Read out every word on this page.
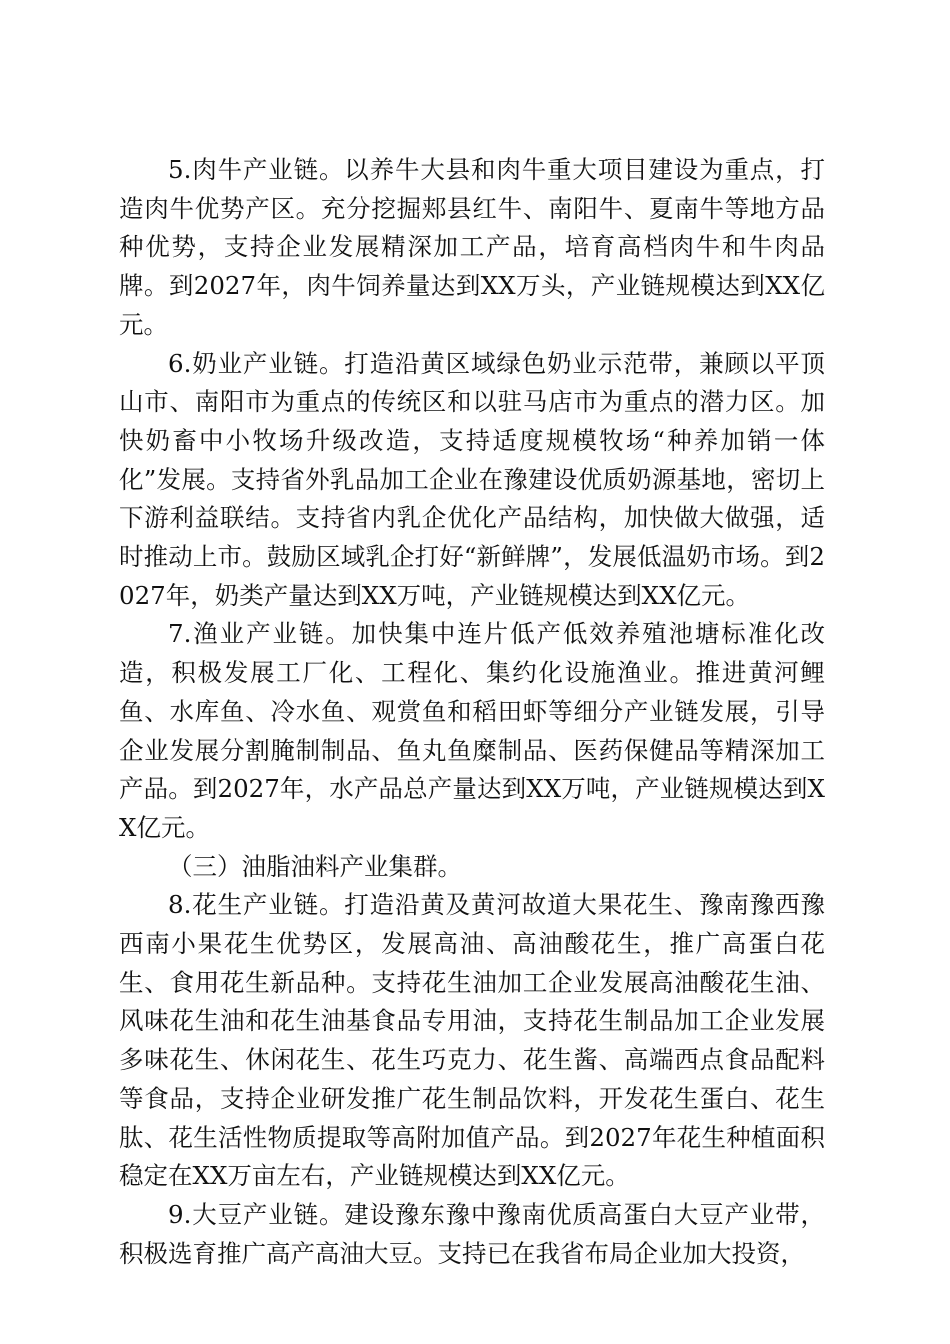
5.肉牛产业链。以养牛大县和肉牛重大项目建设为重点，打造肉牛优势产区。充分挖掘郏县红牛、南阳牛、夏南牛等地方品种优势，支持企业发展精深加工产品，培育高档肉牛和牛肉品牌。到2027年，肉牛饲养量达到XX万头，产业链规模达到XX亿元。

6.奶业产业链。打造沿黄区域绿色奶业示范带，兼顾以平顶山市、南阳市为重点的传统区和以驻马店市为重点的潜力区。加快奶畜中小牧场升级改造，支持适度规模牧场“种养加销一体化”发展。支持省外乳品加工企业在豫建设优质奶源基地，密切上下游利益联结。支持省内乳企优化产品结构，加快做大做强，适时推动上市。鼓励区域乳企打好“新鲜牌”，发展低温奶市场。到2027年，奶类产量达到XX万吨，产业链规模达到XX亿元。

7.渔业产业链。加快集中连片低产低效养殖池塘标准化改造，积极发展工厂化、工程化、集约化设施渔业。推进黄河鲤鱼、水库鱼、冷水鱼、观赏鱼和稻田虾等细分产业链发展，引导企业发展分割腌制制品、鱼丸鱼糜制品、医药保健品等精深加工产品。到2027年，水产品总产量达到XX万吨，产业链规模达到XX亿元。

（三）油脂油料产业集群。

8.花生产业链。打造沿黄及黄河故道大果花生、豫南豫西豫西南小果花生优势区，发展高油、高油酸花生，推广高蛋白花生、食用花生新品种。支持花生油加工企业发展高油酸花生油、风味花生油和花生油基食品专用油，支持花生制品加工企业发展多味花生、休闲花生、花生巧克力、花生酱、高端西点食品配料等食品，支持企业研发推广花生制品饮料，开发花生蛋白、花生肽、花生活性物质提取等高附加值产品。到2027年花生种植面积稳定在XX万亩左右，产业链规模达到XX亿元。

9.大豆产业链。建设豫东豫中豫南优质高蛋白大豆产业带，积极选育推广高产高油大豆。支持已在我省布局企业加大投资，
